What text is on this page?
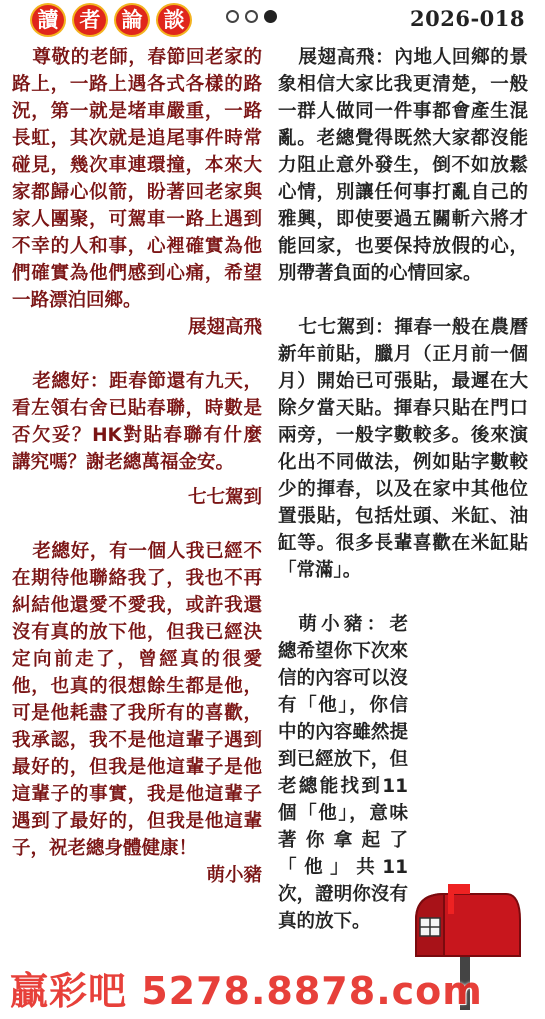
讀	者	論	談	2026-018

尊敬的老師，春節回老家的路上，一路上遇各式各樣的路況，第一就是堵車嚴重，一路長虹，其次就是追尾事件時常碰見，幾次車連環撞，本來大家都歸心似箭，盼著回老家與家人團聚，可駕車一路上遇到不幸的人和事，心裡確實為他們確實為他們感到心痛，希望一路漂泊回鄉。

展翅高飛

老總好：距春節還有九天，看左領右舍已貼春聯，時數是否欠妥？HK對貼春聯有什麼講究嗎？謝老總萬福金安。

七七駕到

老總好，有一個人我已經不在期待他聯絡我了，我也不再糾結他還愛不愛我，或許我還沒有真的放下他，但我已經決定向前走了，曾經真的很愛他，也真的很想餘生都是他，可是他耗盡了我所有的喜歡，我承認，我不是他這輩子遇到最好的，但我是他這輩子是他這輩子的事實，我是他這輩子遇到了最好的，但我是他這輩子，祝老總身體健康！

萌小豬

展翅高飛：內地人回鄉的景象相信大家比我更清楚，一般一群人做同一件事都會產生混亂。老總覺得既然大家都沒能力阻止意外發生，倒不如放鬆心情，別讓任何事打亂自己的雅興，即使要過五關斬六將才能回家，也要保持放假的心，別帶著負面的心情回家。

七七駕到：揮春一般在農曆新年前貼，臘月（正月前一個月）開始已可張貼，最遲在大除夕當天貼。揮春只貼在門口兩旁，一般字數較多。後來演化出不同做法，例如貼字數較少的揮春，以及在家中其他位置張貼，包括灶頭、米缸、油缸等。很多長輩喜歡在米缸貼「常滿」。

萌小豬：老總希望你下次來信的內容可以沒有「他」，你信中的內容雖然提到已經放下，但老總能找到11個「他」，意味著你拿起了「他」共11次，證明你沒有真的放下。

贏彩吧 5278.8878.com
